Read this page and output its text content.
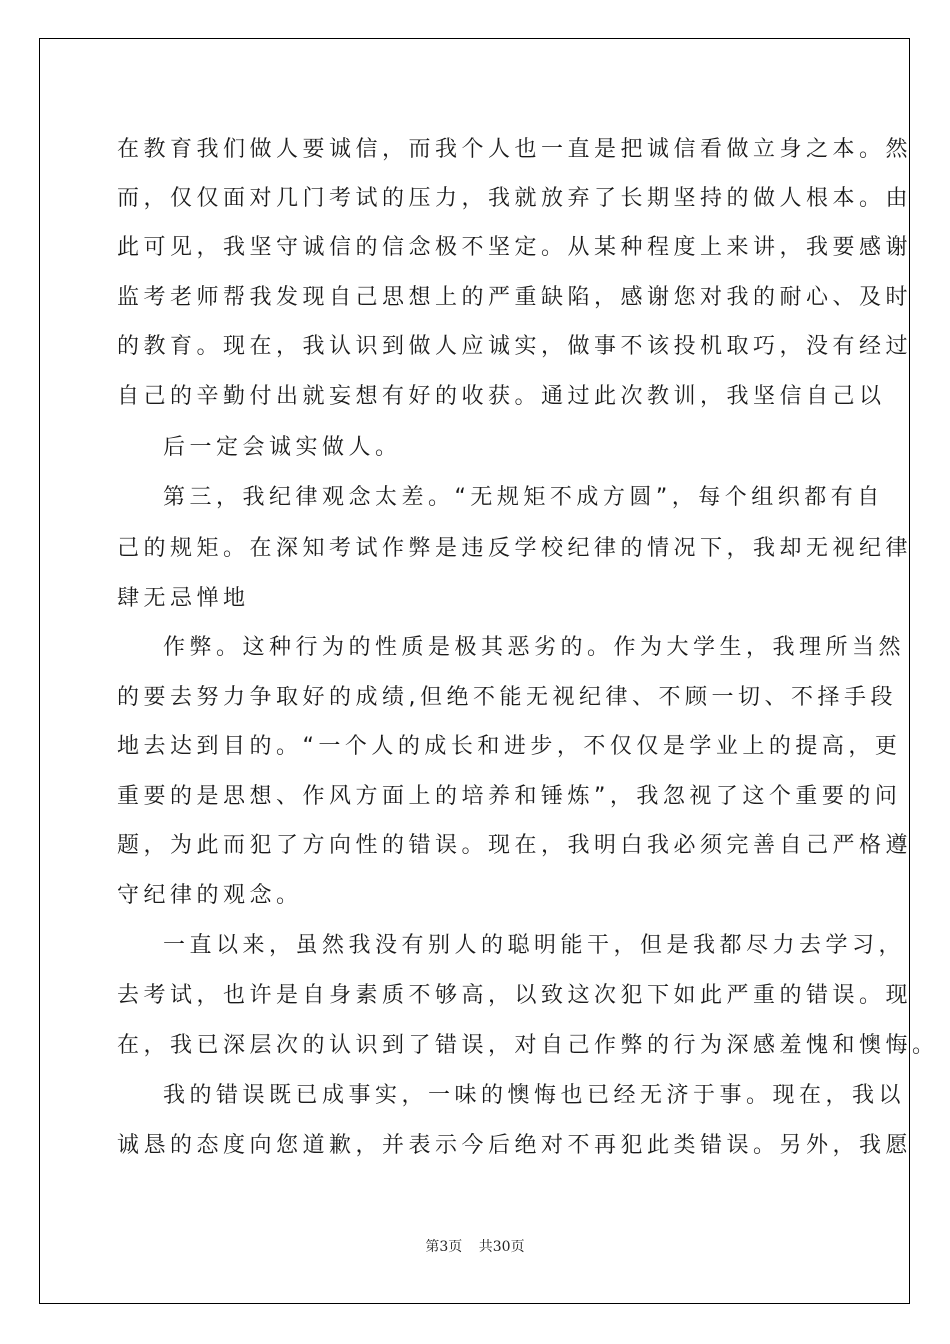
在教育我们做人要诚信，而我个人也一直是把诚信看做立身之本。然
而，仅仅面对几门考试的压力，我就放弃了长期坚持的做人根本。由
此可见，我坚守诚信的信念极不坚定。从某种程度上来讲，我要感谢
监考老师帮我发现自己思想上的严重缺陷，感谢您对我的耐心、及时
的教育。现在，我认识到做人应诚实，做事不该投机取巧，没有经过
自己的辛勤付出就妄想有好的收获。通过此次教训，我坚信自己以
后一定会诚实做人。
第三，我纪律观念太差。“无规矩不成方圆”，每个组织都有自
己的规矩。在深知考试作弊是违反学校纪律的情况下，我却无视纪律
肆无忌惮地
作弊。这种行为的性质是极其恶劣的。作为大学生，我理所当然
的要去努力争取好的成绩,但绝不能无视纪律、不顾一切、不择手段
地去达到目的。“一个人的成长和进步，不仅仅是学业上的提高，更
重要的是思想、作风方面上的培养和锤炼”，我忽视了这个重要的问
题，为此而犯了方向性的错误。现在，我明白我必须完善自己严格遵
守纪律的观念。
一直以来，虽然我没有别人的聪明能干，但是我都尽力去学习，
去考试，也许是自身素质不够高，以致这次犯下如此严重的错误。现
在，我已深层次的认识到了错误，对自己作弊的行为深感羞愧和懊悔。
我的错误既已成事实，一味的懊悔也已经无济于事。现在，我以
诚恳的态度向您道歉，并表示今后绝对不再犯此类错误。另外，我愿
第3页 共30页
